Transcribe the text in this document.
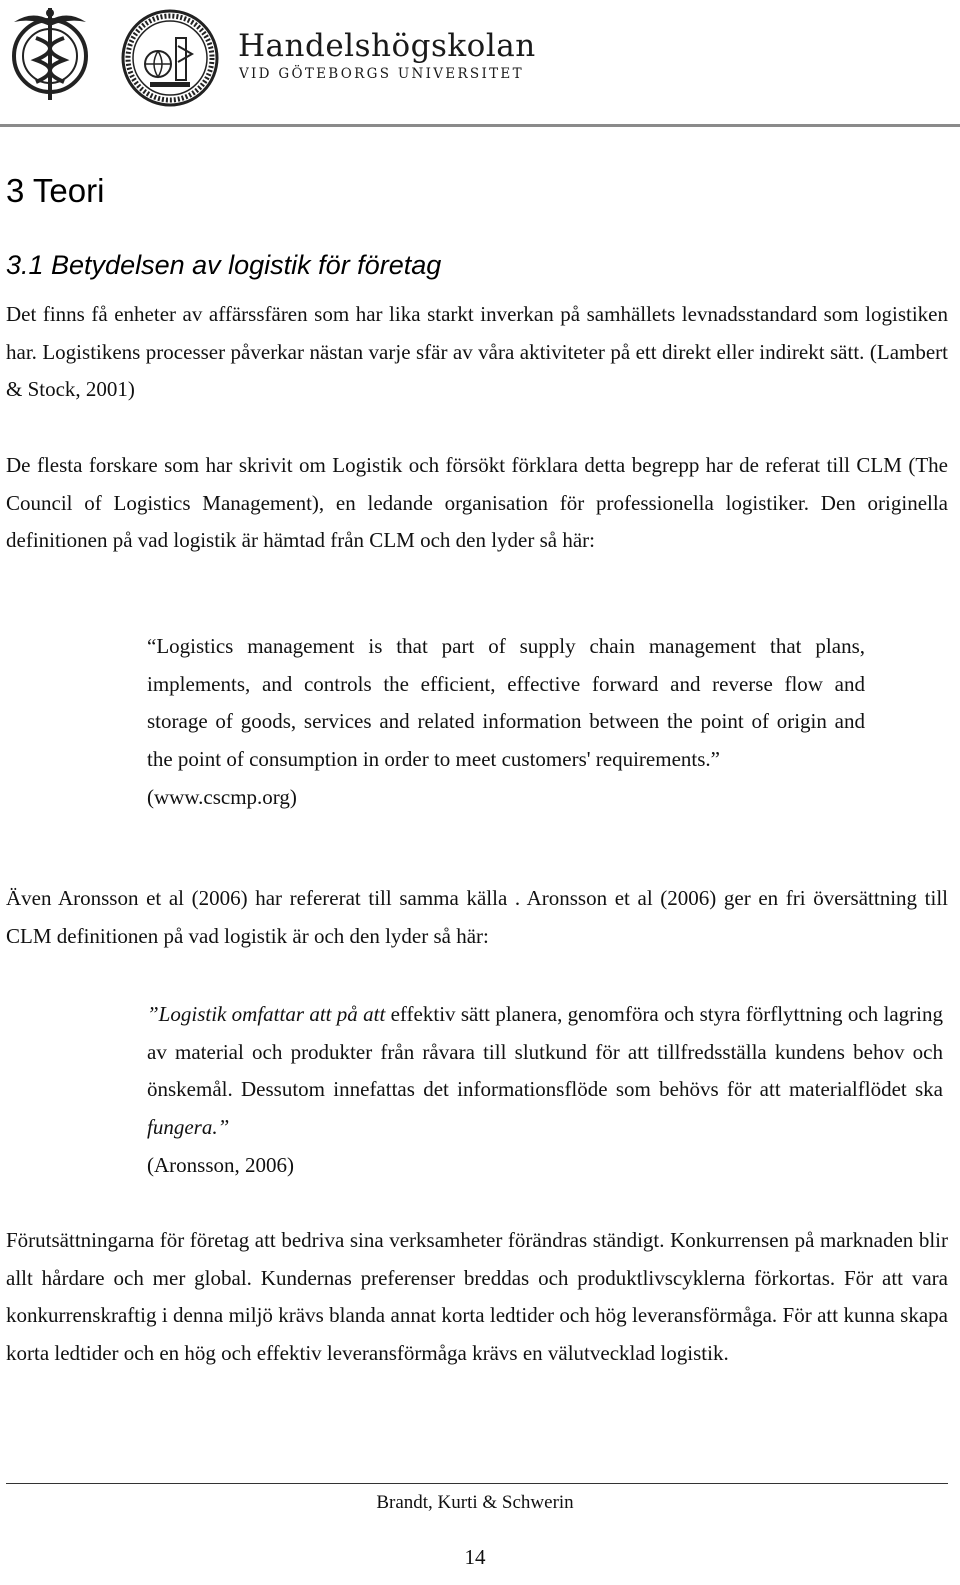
Handelshögskolan
VID GÖTEBORGS UNIVERSITET
3 Teori
3.1 Betydelsen av logistik för företag
Det finns få enheter av affärssfären som har lika starkt inverkan på samhällets levnadsstandard som logistiken har. Logistikens processer påverkar nästan varje sfär av våra aktiviteter på ett direkt eller indirekt sätt. (Lambert & Stock, 2001)
De flesta forskare som har skrivit om Logistik och försökt förklara detta begrepp har de referat till CLM (The Council of Logistics Management), en ledande organisation för professionella logistiker. Den originella definitionen på vad logistik är hämtad från CLM och den lyder så här:
“Logistics management is that part of supply chain management that plans, implements, and controls the efficient, effective forward and reverse flow and storage of goods, services and related information between the point of origin and the point of consumption in order to meet customers' requirements.”
(www.cscmp.org)
Även Aronsson et al (2006) har refererat till samma källa . Aronsson et al (2006) ger en fri översättning till CLM definitionen på vad logistik är och den lyder så här:
”Logistik omfattar att på att effektiv sätt planera, genomföra och styra förflyttning och lagring av material och produkter från råvara till slutkund för att tillfredsställa kundens behov och önskemål. Dessutom innefattas det informationsflöde som behövs för att materialflödet ska fungera.”
(Aronsson, 2006)
Förutsättningarna för företag att bedriva sina verksamheter förändras ständigt. Konkurrensen på marknaden blir allt hårdare och mer global. Kundernas preferenser breddas och produktlivscyklerna förkortas. För att vara konkurrenskraftig i denna miljö krävs blanda annat korta ledtider och hög leveransförmåga. För att kunna skapa korta ledtider och en hög och effektiv leveransförmåga krävs en välutvecklad logistik.
Brandt, Kurti & Schwerin
14
